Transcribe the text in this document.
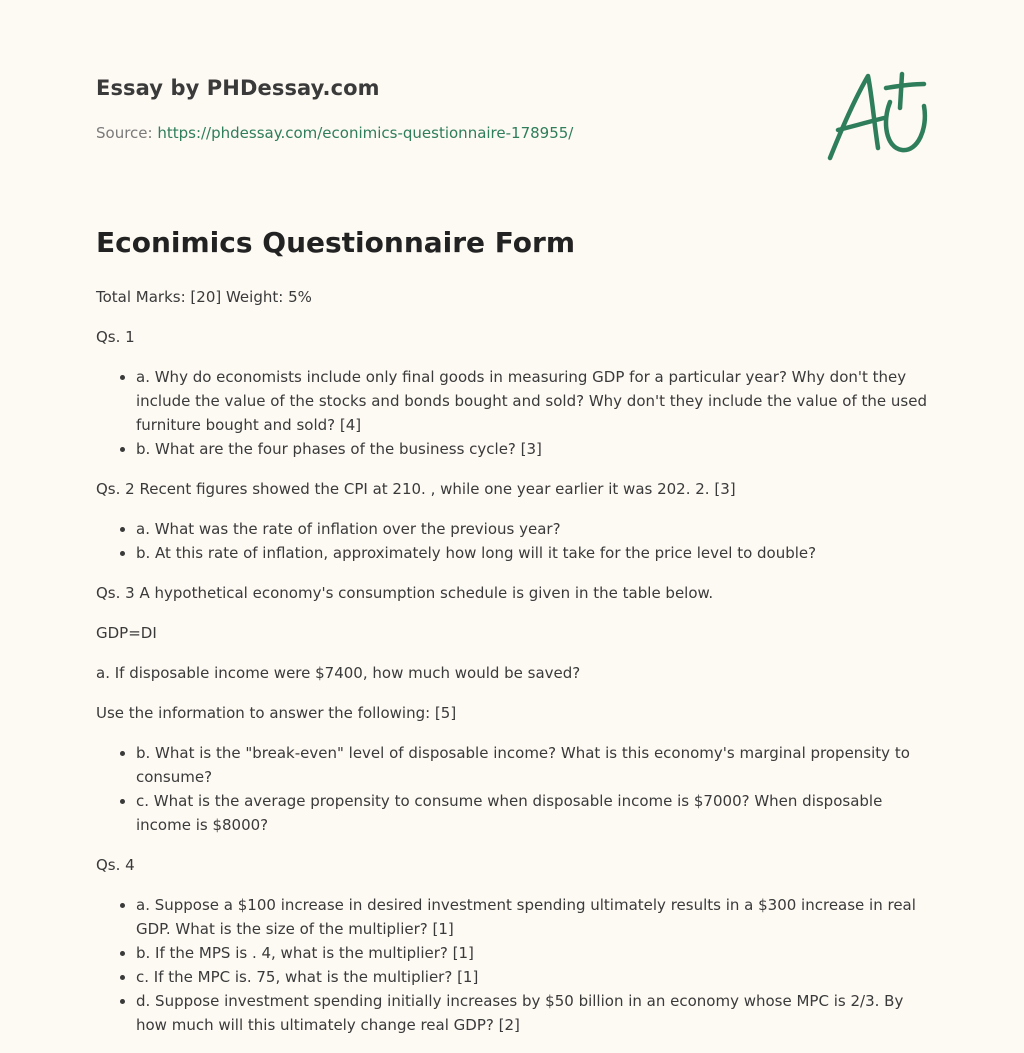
Essay by PHDessay.com
Source: https://phdessay.com/econimics-questionnaire-178955/
Econimics Questionnaire Form

Total Marks: [20] Weight: 5%

Qs. 1

• a. Why do economists include only final goods in measuring GDP for a particular year? Why don't they include the value of the stocks and bonds bought and sold? Why don't they include the value of the used furniture bought and sold? [4]
• b. What are the four phases of the business cycle? [3]

Qs. 2 Recent figures showed the CPI at 210. , while one year earlier it was 202. 2. [3]

• a. What was the rate of inflation over the previous year?
• b. At this rate of inflation, approximately how long will it take for the price level to double?

Qs. 3 A hypothetical economy's consumption schedule is given in the table below.

GDP=DI

a. If disposable income were $7400, how much would be saved?

Use the information to answer the following: [5]

• b. What is the "break-even" level of disposable income? What is this economy's marginal propensity to consume?
• c. What is the average propensity to consume when disposable income is $7000? When disposable income is $8000?

Qs. 4

• a. Suppose a $100 increase in desired investment spending ultimately results in a $300 increase in real GDP. What is the size of the multiplier? [1]
• b. If the MPS is . 4, what is the multiplier? [1]
• c. If the MPC is. 75, what is the multiplier? [1]
• d. Suppose investment spending initially increases by $50 billion in an economy whose MPC is 2/3. By how much will this ultimately change real GDP? [2]
